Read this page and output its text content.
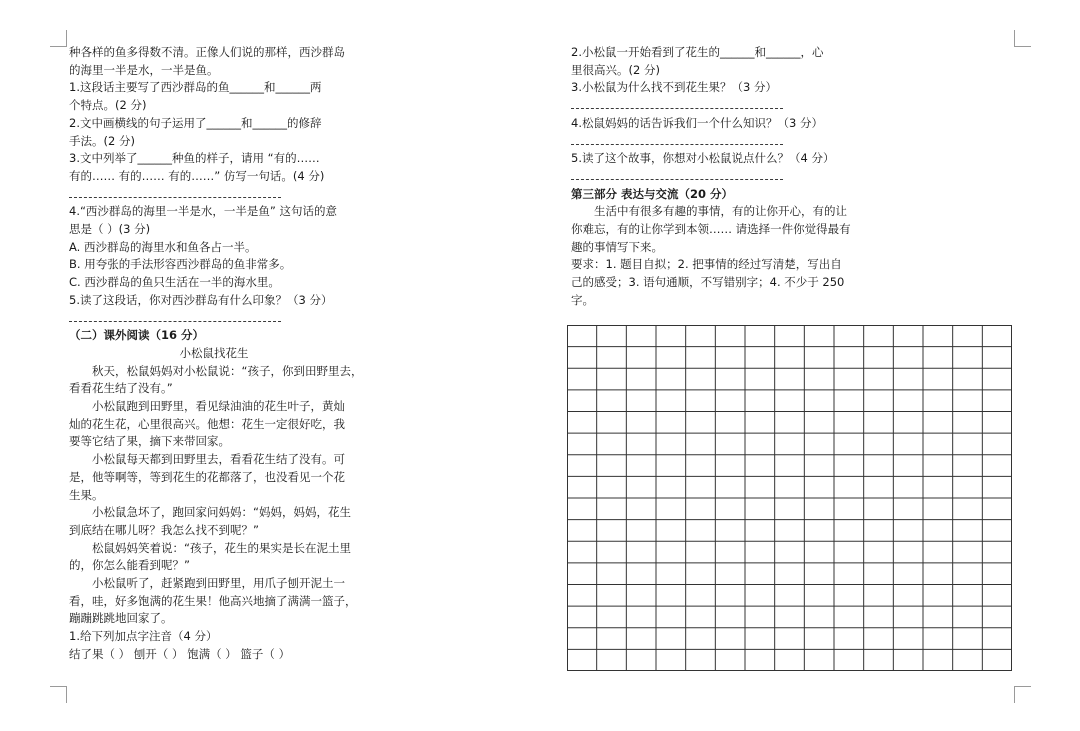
种各样的鱼多得数不清。正像人们说的那样，西沙群岛
的海里一半是水，一半是鱼。
1.这段话主要写了西沙群岛的鱼______和______两
个特点。(2 分)
2.文中画横线的句子运用了______和______的修辞
手法。(2 分)
3.文中列举了______种鱼的样子，请用 “有的……
有的…… 有的…… 有的……” 仿写一句话。(4 分)
4.“西沙群岛的海里一半是水，一半是鱼” 这句话的意
思是（ ）(3 分)
A. 西沙群岛的海里水和鱼各占一半。
B. 用夸张的手法形容西沙群岛的鱼非常多。
C. 西沙群岛的鱼只生活在一半的海水里。
5.读了这段话，你对西沙群岛有什么印象？（3 分）
（二）课外阅读（16 分）
小松鼠找花生
秋天，松鼠妈妈对小松鼠说：“孩子，你到田野里去，
看看花生结了没有。”
小松鼠跑到田野里，看见绿油油的花生叶子，黄灿
灿的花生花，心里很高兴。他想：花生一定很好吃，我
要等它结了果，摘下来带回家。
小松鼠每天都到田野里去，看看花生结了没有。可
是，他等啊等，等到花生的花都落了，也没看见一个花
生果。
小松鼠急坏了，跑回家问妈妈：“妈妈，妈妈，花生
到底结在哪儿呀？我怎么找不到呢？”
松鼠妈妈笑着说：“孩子，花生的果实是长在泥土里
的，你怎么能看到呢？”
小松鼠听了，赶紧跑到田野里，用爪子刨开泥土一
看，哇，好多饱满的花生果！他高兴地摘了满满一篮子，
蹦蹦跳跳地回家了。
1.给下列加点字注音（4 分）
结了果（ ） 刨开（ ） 饱满（ ） 篮子（ ）
2.小松鼠一开始看到了花生的______和______，心
里很高兴。(2 分)
3.小松鼠为什么找不到花生果？（3 分）
4.松鼠妈妈的话告诉我们一个什么知识？（3 分）
5.读了这个故事，你想对小松鼠说点什么？（4 分）
第三部分 表达与交流（20 分）
生活中有很多有趣的事情，有的让你开心，有的让
你难忘，有的让你学到本领…… 请选择一件你觉得最有
趣的事情写下来。
要求：1. 题目自拟；2. 把事情的经过写清楚，写出自
己的感受；3. 语句通顺，不写错别字；4. 不少于 250
字。
